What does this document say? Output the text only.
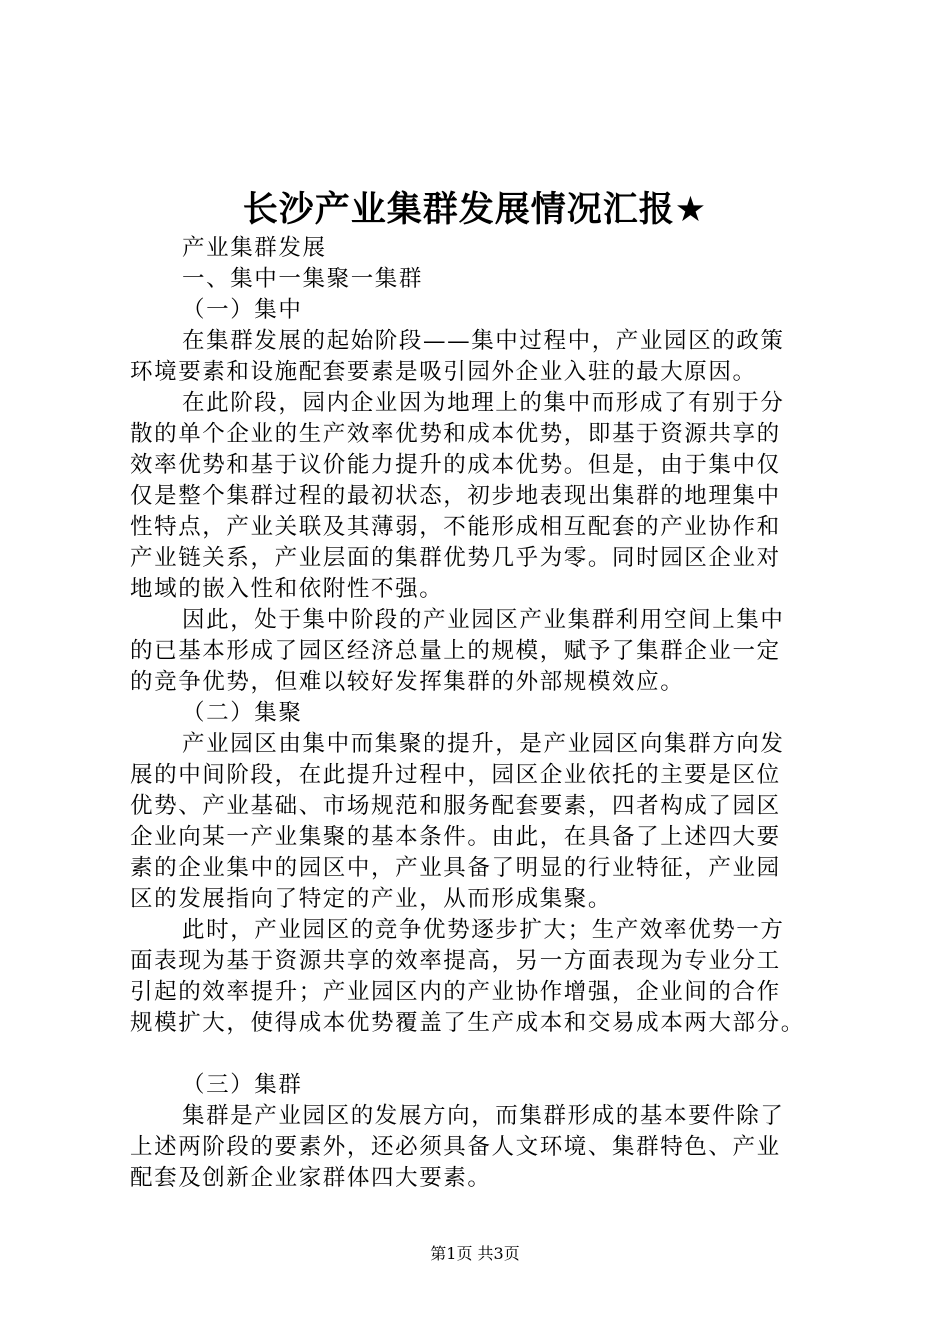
长沙产业集群发展情况汇报★
产业集群发展
一、集中一集聚一集群
（一）集中
在集群发展的起始阶段——集中过程中，产业园区的政策
环境要素和设施配套要素是吸引园外企业入驻的最大原因。
在此阶段，园内企业因为地理上的集中而形成了有别于分
散的单个企业的生产效率优势和成本优势，即基于资源共享的
效率优势和基于议价能力提升的成本优势。但是，由于集中仅
仅是整个集群过程的最初状态，初步地表现出集群的地理集中
性特点，产业关联及其薄弱，不能形成相互配套的产业协作和
产业链关系，产业层面的集群优势几乎为零。同时园区企业对
地域的嵌入性和依附性不强。
因此，处于集中阶段的产业园区产业集群利用空间上集中
的已基本形成了园区经济总量上的规模，赋予了集群企业一定
的竞争优势，但难以较好发挥集群的外部规模效应。
（二）集聚
产业园区由集中而集聚的提升，是产业园区向集群方向发
展的中间阶段，在此提升过程中，园区企业依托的主要是区位
优势、产业基础、市场规范和服务配套要素，四者构成了园区
企业向某一产业集聚的基本条件。由此，在具备了上述四大要
素的企业集中的园区中，产业具备了明显的行业特征，产业园
区的发展指向了特定的产业，从而形成集聚。
此时，产业园区的竞争优势逐步扩大；生产效率优势一方
面表现为基于资源共享的效率提高，另一方面表现为专业分工
引起的效率提升；产业园区内的产业协作增强，企业间的合作
规模扩大，使得成本优势覆盖了生产成本和交易成本两大部分。
（三）集群
集群是产业园区的发展方向，而集群形成的基本要件除了
上述两阶段的要素外，还必须具备人文环境、集群特色、产业
配套及创新企业家群体四大要素。

第1页 共3页
